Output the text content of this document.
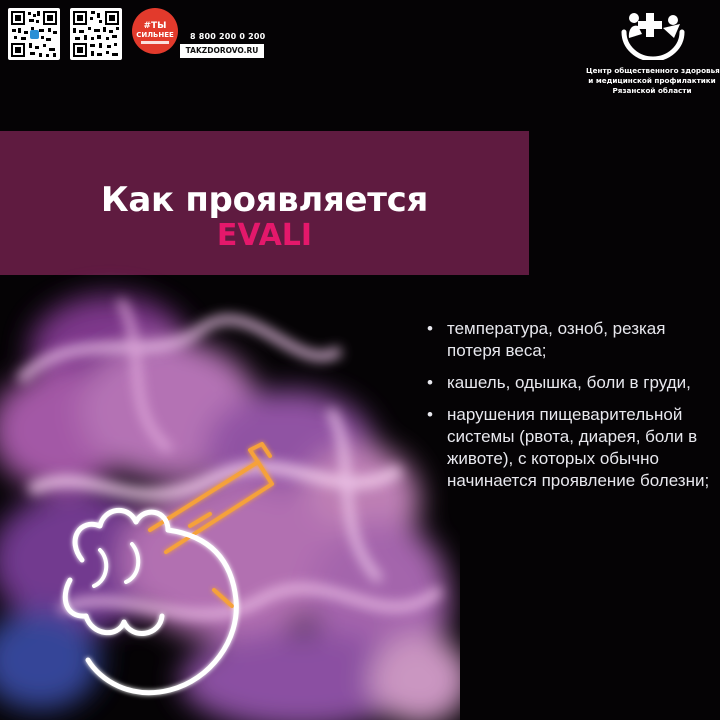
#ТЫ
СИЛЬНЕЕ 8 800 200 0 200
TAKZDOROVO.RU
Центр общественного здоровья
и медицинской профилактики
Рязанской области
Как проявляется
EVALI
• температура, озноб, резкая потеря веса;
• кашель, одышка, боли в груди,
• нарушения пищеварительной системы (рвота, диарея, боли в животе), с которых обычно начинается проявление болезни;
